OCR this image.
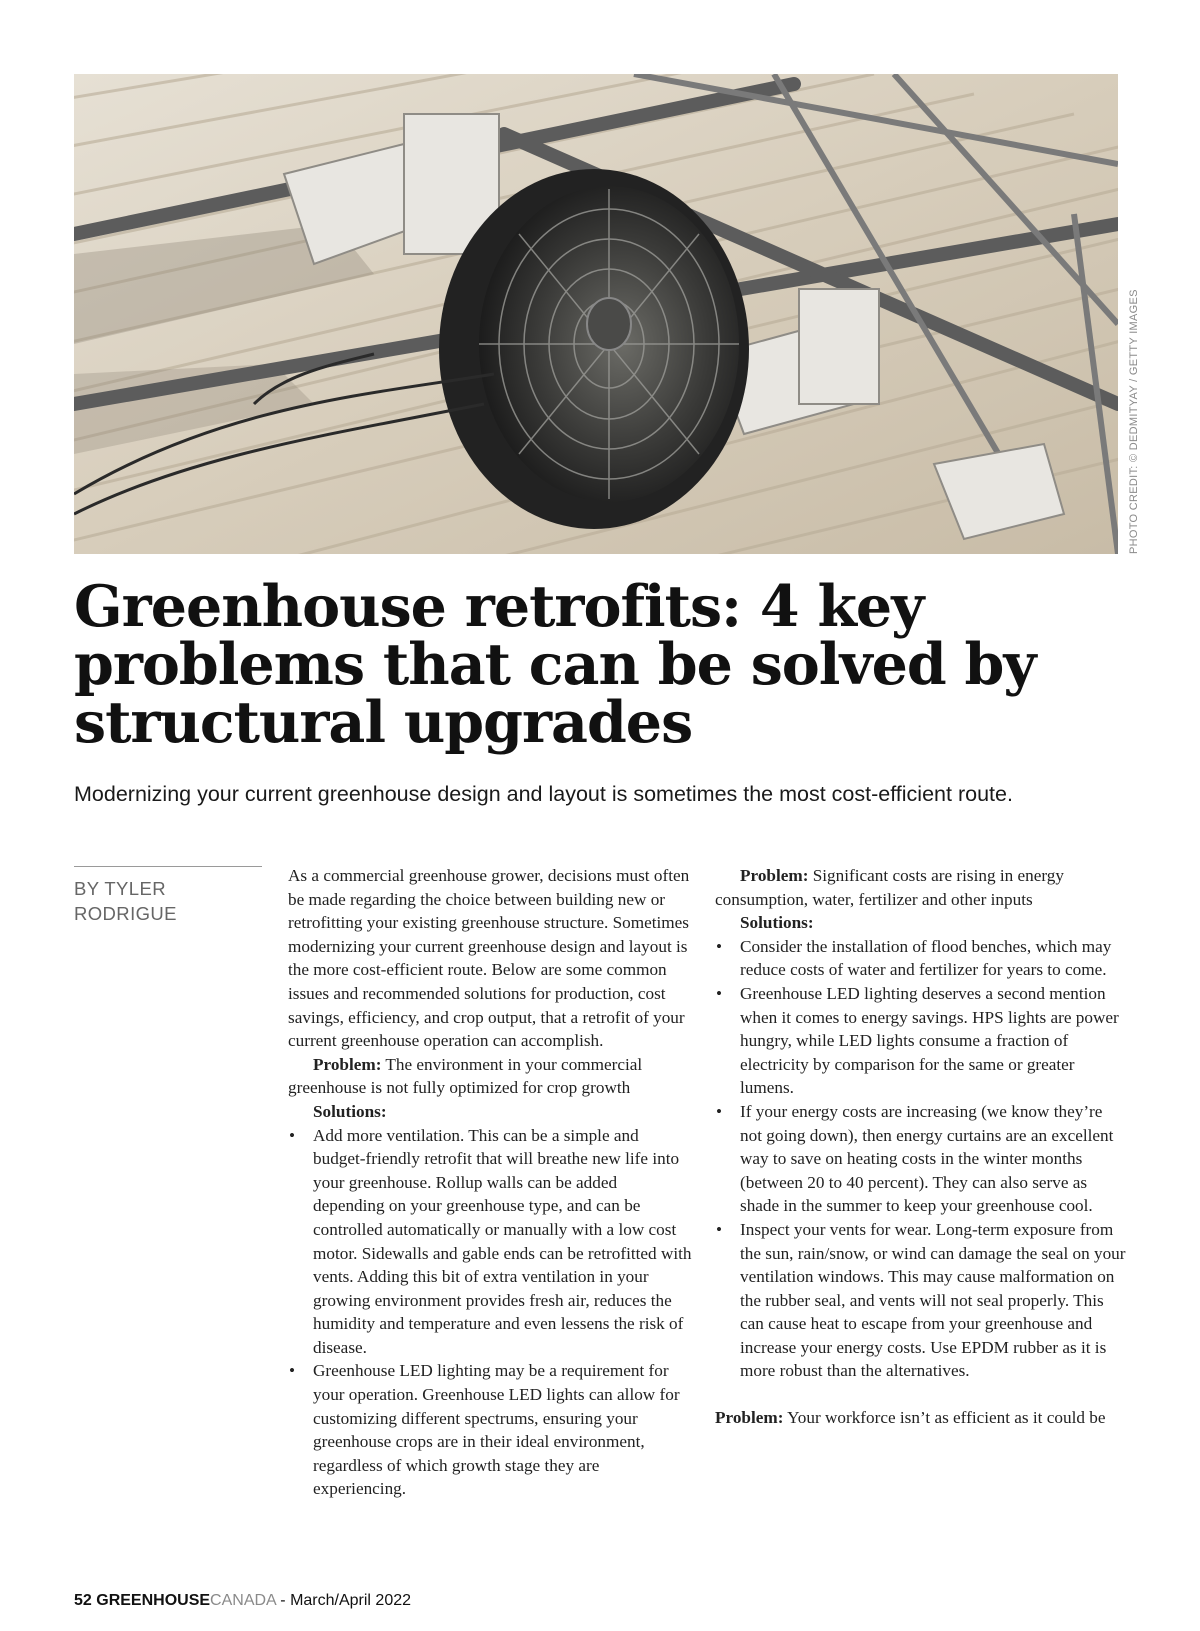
PHOTO CREDIT: © DEDMITYAY / GETTY IMAGES
Greenhouse retrofits: 4 key
problems that can be solved by
structural upgrades

Modernizing your current greenhouse design and layout is sometimes the most cost-efficient route.

BY TYLER
RODRIGUE

As a commercial greenhouse grower, decisions must often be made regarding the choice between building new or retrofitting your existing greenhouse structure. Sometimes modernizing your current greenhouse design and layout is the more cost-efficient route. Below are some common issues and recommended solutions for production, cost savings, efficiency, and crop output, that a retrofit of your current greenhouse operation can accomplish.

Problem: The environment in your commercial greenhouse is not fully optimized for crop growth

Solutions:

• Add more ventilation. This can be a simple and budget-friendly retrofit that will breathe new life into your greenhouse. Rollup walls can be added depending on your greenhouse type, and can be controlled automatically or manually with a low cost motor. Sidewalls and gable ends can be retrofitted with vents. Adding this bit of extra ventilation in your growing environment provides fresh air, reduces the humidity and temperature and even lessens the risk of disease.
• Greenhouse LED lighting may be a requirement for your operation. Greenhouse LED lights can allow for customizing different spectrums, ensuring your greenhouse crops are in their ideal environment, regardless of which growth stage they are experiencing.

Problem: Significant costs are rising in energy consumption, water, fertilizer and other inputs

Solutions:

• Consider the installation of flood benches, which may reduce costs of water and fertilizer for years to come.
• Greenhouse LED lighting deserves a second mention when it comes to energy savings. HPS lights are power hungry, while LED lights consume a fraction of electricity by comparison for the same or greater lumens.
• If your energy costs are increasing (we know they’re not going down), then energy curtains are an excellent way to save on heating costs in the winter months (between 20 to 40 percent). They can also serve as shade in the summer to keep your greenhouse cool.
• Inspect your vents for wear. Long-term exposure from the sun, rain/snow, or wind can damage the seal on your ventilation windows. This may cause malformation on the rubber seal, and vents will not seal properly. This can cause heat to escape from your greenhouse and increase your energy costs. Use EPDM rubber as it is more robust than the alternatives.

Problem: Your workforce isn’t as efficient as it could be

52 GREENHOUSECANADA - March/April 2022
